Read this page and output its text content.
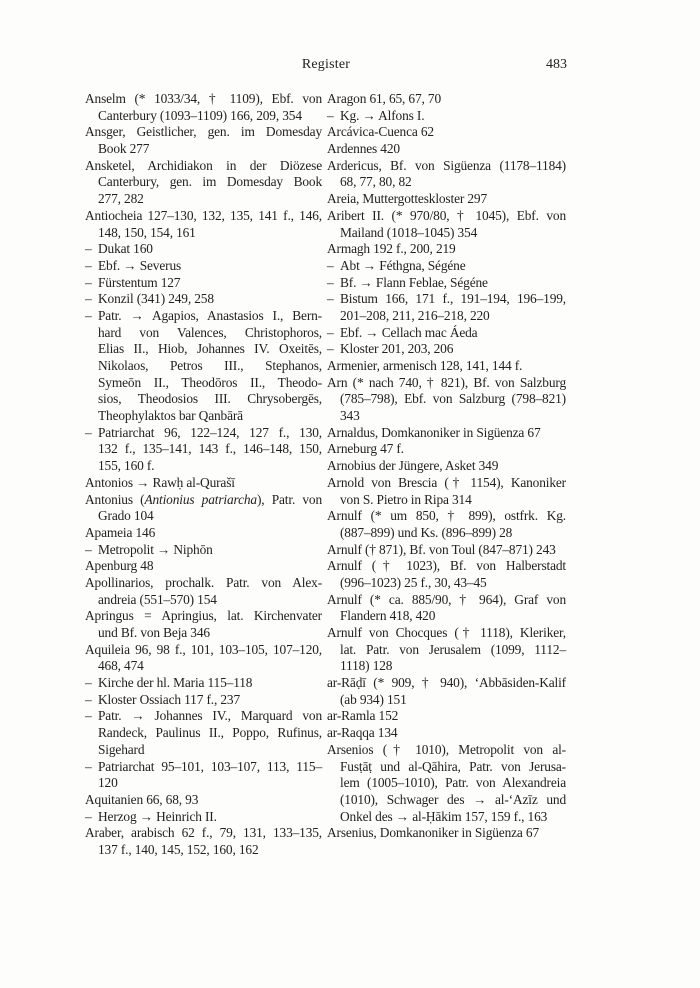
Register	483
Anselm (* 1033/34, † 1109), Ebf. von
Canterbury (1093–1109) 166, 209, 354
Ansger, Geistlicher, gen. im Domesday
Book 277
Ansketel, Archidiakon in der Diözese
Canterbury, gen. im Domesday Book
277, 282
Antiocheia 127–130, 132, 135, 141 f., 146,
148, 150, 154, 161
– Dukat 160
– Ebf. → Severus
– Fürstentum 127
– Konzil (341) 249, 258
– Patr. → Agapios, Anastasios I., Bern-
hard von Valences, Christophoros,
Elias II., Hiob, Johannes IV. Oxeitēs,
Nikolaos, Petros III., Stephanos,
Symeōn II., Theodōros II., Theodo-
sios, Theodosios III. Chrysobergēs,
Theophylaktos bar Qanbārā
– Patriarchat 96, 122–124, 127 f., 130,
132 f., 135–141, 143 f., 146–148, 150,
155, 160 f.
Antonios → Rawḥ al-Qurašī
Antonius (Antionius patriarcha), Patr. von
Grado 104
Apameia 146
– Metropolit → Niphōn
Apenburg 48
Apollinarios, prochalk. Patr. von Alex-
andreia (551–570) 154
Apringus = Apringius, lat. Kirchenvater
und Bf. von Beja 346
Aquileia 96, 98 f., 101, 103–105, 107–120,
468, 474
– Kirche der hl. Maria 115–118
– Kloster Ossiach 117 f., 237
– Patr. → Johannes IV., Marquard von
Randeck, Paulinus II., Poppo, Rufinus,
Sigehard
– Patriarchat 95–101, 103–107, 113, 115–
120
Aquitanien 66, 68, 93
– Herzog → Heinrich II.
Araber, arabisch 62 f., 79, 131, 133–135,
137 f., 140, 145, 152, 160, 162
Aragon 61, 65, 67, 70
– Kg. → Alfons I.
Arcávica-Cuenca 62
Ardennes 420
Ardericus, Bf. von Sigüenza (1178–1184)
68, 77, 80, 82
Areia, Muttergotteskloster 297
Aribert II. (* 970/80, † 1045), Ebf. von
Mailand (1018–1045) 354
Armagh 192 f., 200, 219
– Abt → Féthgna, Ségéne
– Bf. → Flann Feblae, Ségéne
– Bistum 166, 171 f., 191–194, 196–199,
201–208, 211, 216–218, 220
– Ebf. → Cellach mac Áeda
– Kloster 201, 203, 206
Armenier, armenisch 128, 141, 144 f.
Arn (* nach 740, † 821), Bf. von Salzburg
(785–798), Ebf. von Salzburg (798–821)
343
Arnaldus, Domkanoniker in Sigüenza 67
Arneburg 47 f.
Arnobius der Jüngere, Asket 349
Arnold von Brescia († 1154), Kanoniker
von S. Pietro in Ripa 314
Arnulf (* um 850, † 899), ostfrk. Kg.
(887–899) und Ks. (896–899) 28
Arnulf († 871), Bf. von Toul (847–871) 243
Arnulf († 1023), Bf. von Halberstadt
(996–1023) 25 f., 30, 43–45
Arnulf (* ca. 885/90, † 964), Graf von
Flandern 418, 420
Arnulf von Chocques († 1118), Kleriker,
lat. Patr. von Jerusalem (1099, 1112–
1118) 128
ar-Rāḍī (* 909, † 940), ‘Abbāsiden-Kalif
(ab 934) 151
ar-Ramla 152
ar-Raqqa 134
Arsenios († 1010), Metropolit von al-
Fusṭāṭ und al-Qāhira, Patr. von Jerusa-
lem (1005–1010), Patr. von Alexandreia
(1010), Schwager des → al-‘Azīz und
Onkel des → al-Ḥākim 157, 159 f., 163
Arsenius, Domkanoniker in Sigüenza 67
